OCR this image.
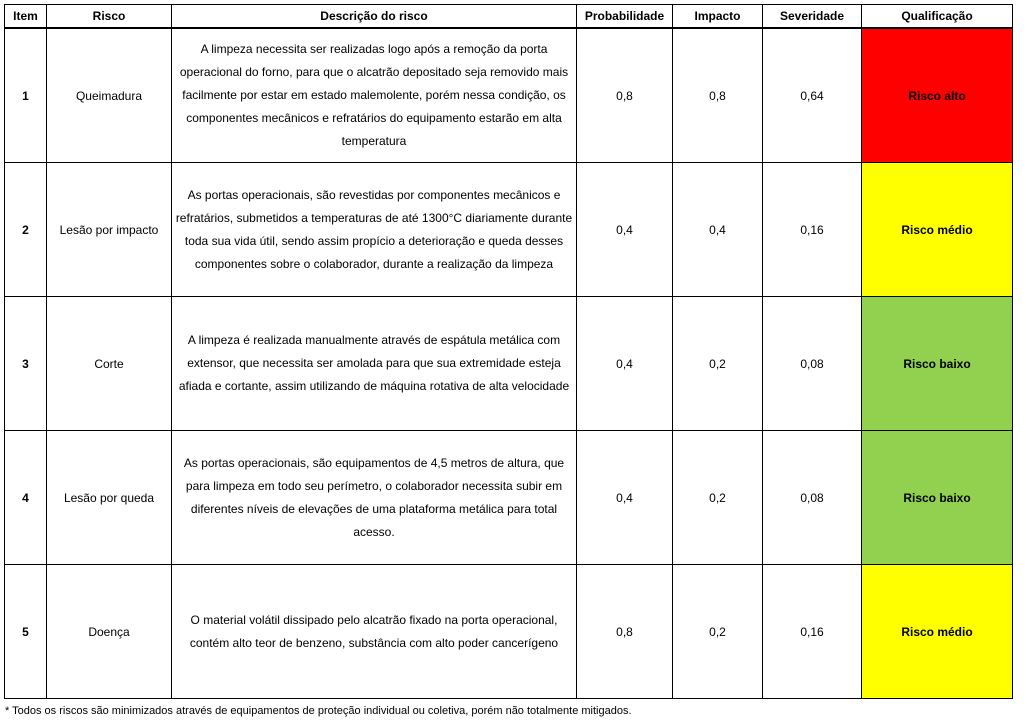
Item	Risco	Descrição do risco	Probabilidade	Impacto	Severidade	Qualificação
1	Queimadura	A limpeza necessita ser realizadas logo após a remoção da porta operacional do forno, para que o alcatrão depositado seja removido mais facilmente por estar em estado malemolente, porém nessa condição, os componentes mecânicos e refratários do equipamento estarão em alta temperatura	0,8	0,8	0,64	Risco alto
2	Lesão por impacto	As portas operacionais, são revestidas por componentes mecânicos e refratários, submetidos a temperaturas de até 1300°C diariamente durante toda sua vida útil, sendo assim propício a deterioração e queda desses componentes sobre o colaborador, durante a realização da limpeza	0,4	0,4	0,16	Risco médio
3	Corte	A limpeza é realizada manualmente através de espátula metálica com extensor, que necessita ser amolada para que sua extremidade esteja afiada e cortante, assim utilizando de máquina rotativa de alta velocidade	0,4	0,2	0,08	Risco baixo
4	Lesão por queda	As portas operacionais, são equipamentos de 4,5 metros de altura, que para limpeza em todo seu perímetro, o colaborador necessita subir em diferentes níveis de elevações de uma plataforma metálica para total acesso.	0,4	0,2	0,08	Risco baixo
5	Doença	O material volátil dissipado pelo alcatrão fixado na porta operacional, contém alto teor de benzeno, substância com alto poder cancerígeno	0,8	0,2	0,16	Risco médio
* Todos os riscos são minimizados através de equipamentos de proteção individual ou coletiva, porém não totalmente mitigados.
